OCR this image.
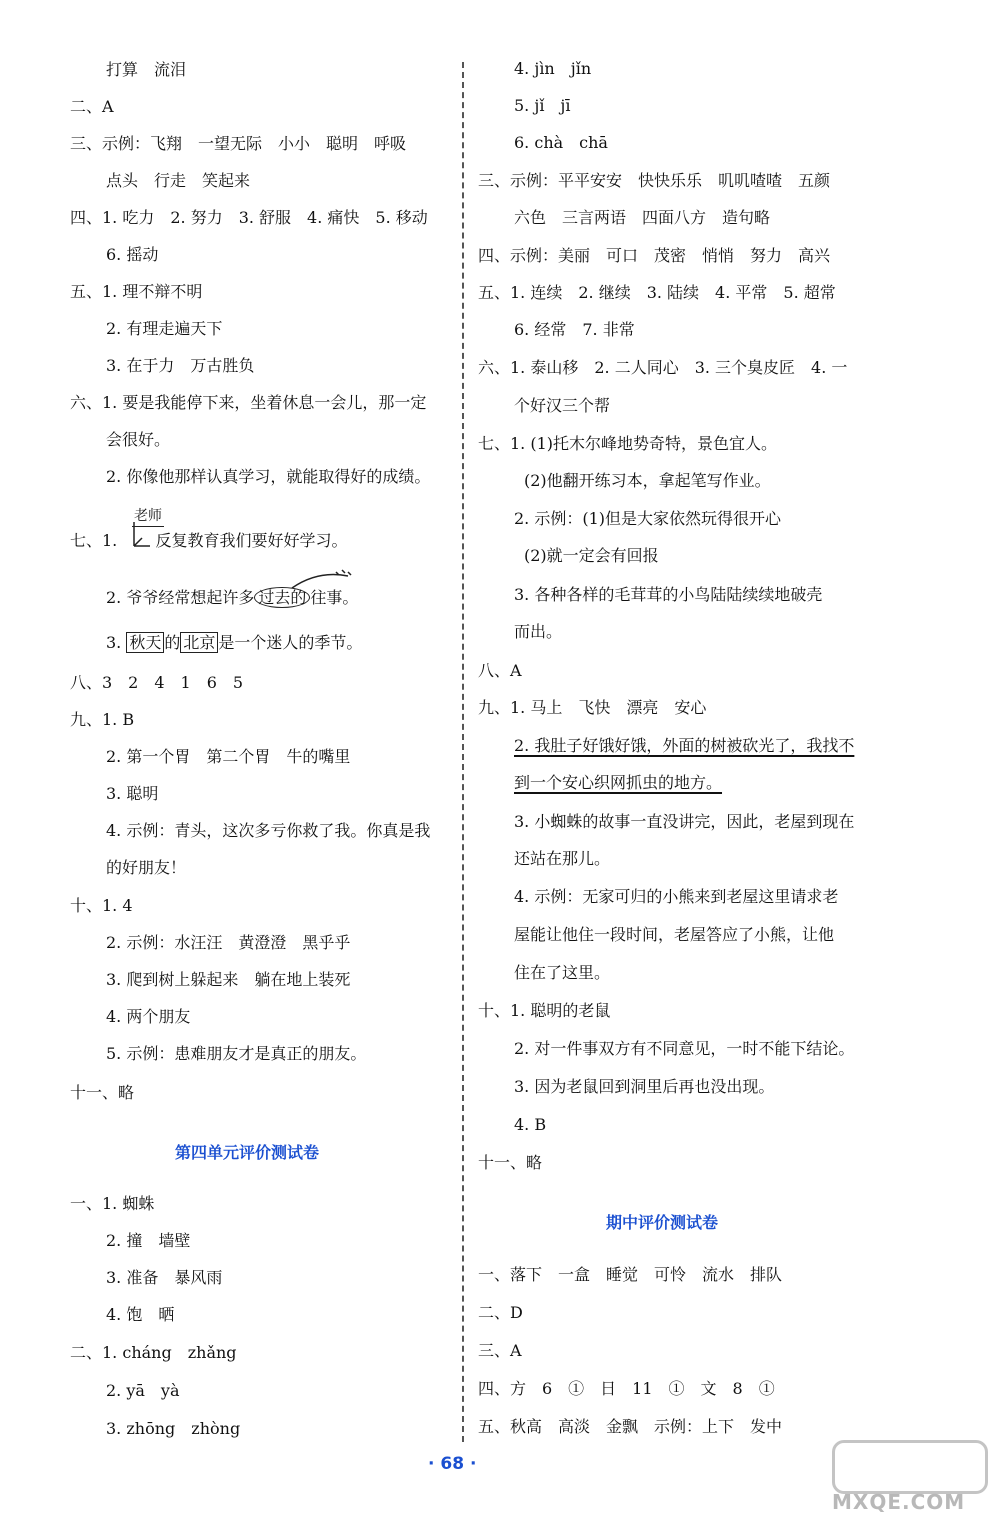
打算　流泪
二、A
三、示例：飞翔　一望无际　小小　聪明　呼吸
点头　行走　笑起来
四、1. 吃力　2. 努力　3. 舒服　4. 痛快　5. 移动
6. 摇动
五、1. 理不辩不明
2. 有理走遍天下
3. 在于力　万古胜负
六、1. 要是我能停下来，坐着休息一会儿，那一定
会很好。
2. 你像他那样认真学习，就能取得好的成绩。
老师
七、1. 反复教育我们要好好学习。
2. 爷爷经常想起许多 过去的 往事。
3. 秋天 的 北京 是一个迷人的季节。
八、3　2　4　1　6　5
九、1. B
2. 第一个胃　第二个胃　牛的嘴里
3. 聪明
4. 示例：青头，这次多亏你救了我。你真是我
的好朋友！
十、1. 4
2. 示例：水汪汪　黄澄澄　黑乎乎
3. 爬到树上躲起来　躺在地上装死
4. 两个朋友
5. 示例：患难朋友才是真正的朋友。
十一、略
第四单元评价测试卷
一、1. 蜘蛛
2. 撞　墙壁
3. 准备　暴风雨
4. 饱　晒
二、1. cháng　zhǎng
2. yā　yà
3. zhōng　zhòng
4. jìn　jǐn
5. jǐ　jī
6. chà　chā
三、示例：平平安安　快快乐乐　叽叽喳喳　五颜
六色　三言两语　四面八方　造句略
四、示例：美丽　可口　茂密　悄悄　努力　高兴
五、1. 连续　2. 继续　3. 陆续　4. 平常　5. 超常
6. 经常　7. 非常
六、1. 泰山移　2. 二人同心　3. 三个臭皮匠　4. 一
个好汉三个帮
七、1. (1)托木尔峰地势奇特，景色宜人。
(2)他翻开练习本，拿起笔写作业。
2. 示例：(1)但是大家依然玩得很开心
(2)就一定会有回报
3. 各种各样的毛茸茸的小鸟陆陆续续地破壳
而出。
八、A
九、1. 马上　飞快　漂亮　安心
2. 我肚子好饿好饿，外面的树被砍光了，我找不
到一个安心织网抓虫的地方。
3. 小蜘蛛的故事一直没讲完，因此，老屋到现在
还站在那儿。
4. 示例：无家可归的小熊来到老屋这里请求老
屋能让他住一段时间，老屋答应了小熊，让他
住在了这里。
十、1. 聪明的老鼠
2. 对一件事双方有不同意见，一时不能下结论。
3. 因为老鼠回到洞里后再也没出现。
4. B
十一、略
期中评价测试卷
一、落下　一盒　睡觉　可怜　流水　排队
二、D
三、A
四、方　6　①　日　11　①　文　8　①
五、秋高　高淡　金飘　示例：上下　发中
· 68 ·
MXQE.COM
